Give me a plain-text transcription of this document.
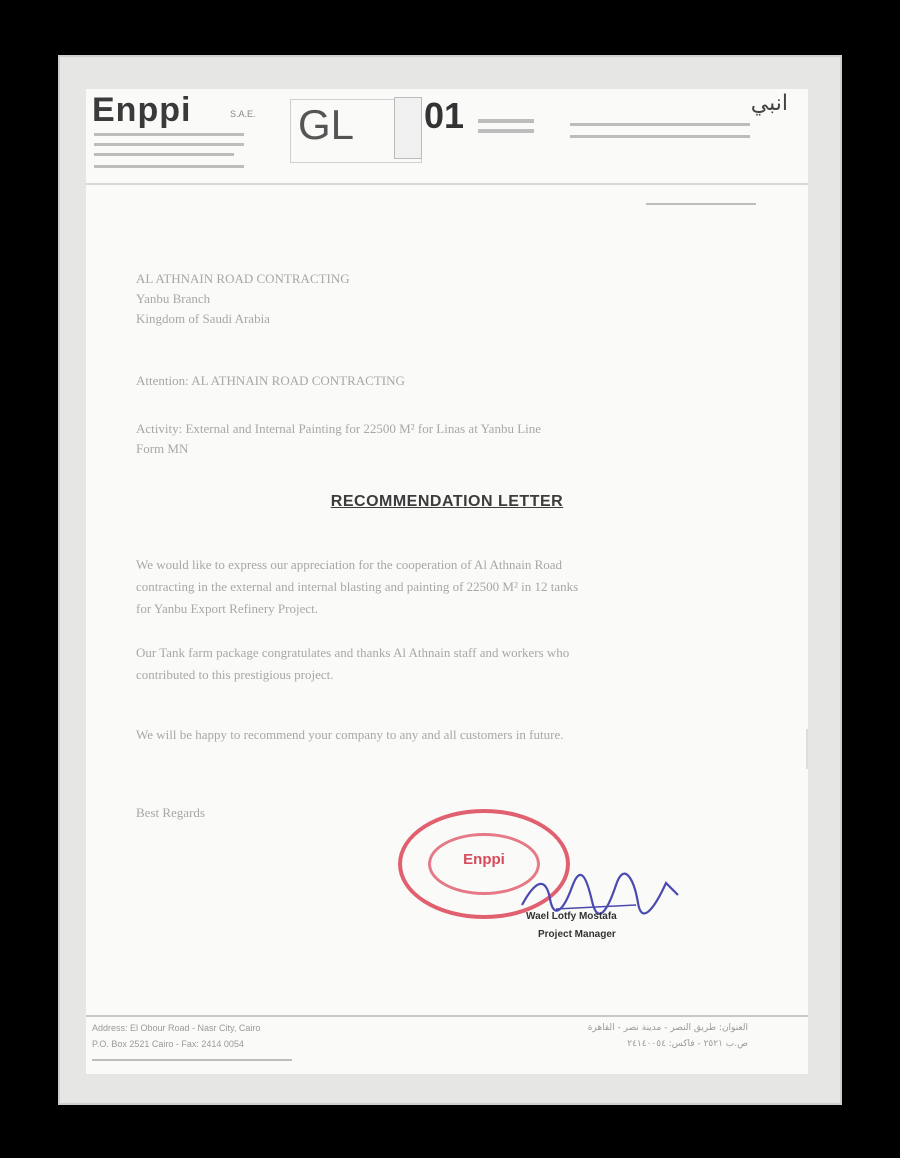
Enppi	S.A.E. GL 01	انبي
AL ATHNAIN ROAD CONTRACTING
Yanbu Branch
Kingdom of Saudi Arabia
Attention: AL ATHNAIN ROAD CONTRACTING
Activity: External and Internal Painting for 22500 M² for Linas at Yanbu Line
Form MN
RECOMMENDATION LETTER
We would like to express our appreciation for the cooperation of Al Athnain Road
contracting in the external and internal blasting and painting of 22500 M² in 12 tanks
for Yanbu Export Refinery Project.
Our Tank farm package congratulates and thanks Al Athnain staff and workers who
contributed to this prestigious project.
We will be happy to recommend your company to any and all customers in future.
Best Regards
Enppi
Wael Lotfy Mostafa
Project Manager
Address: El Obour Road - Nasr City, Cairo
P.O. Box 2521 Cairo - Fax: 2414 0054
العنوان: طريق النصر - مدينة نصر - القاهرة
ص.ب ٢٥٢١ - فاكس: ٢٤١٤٠٠٥٤
